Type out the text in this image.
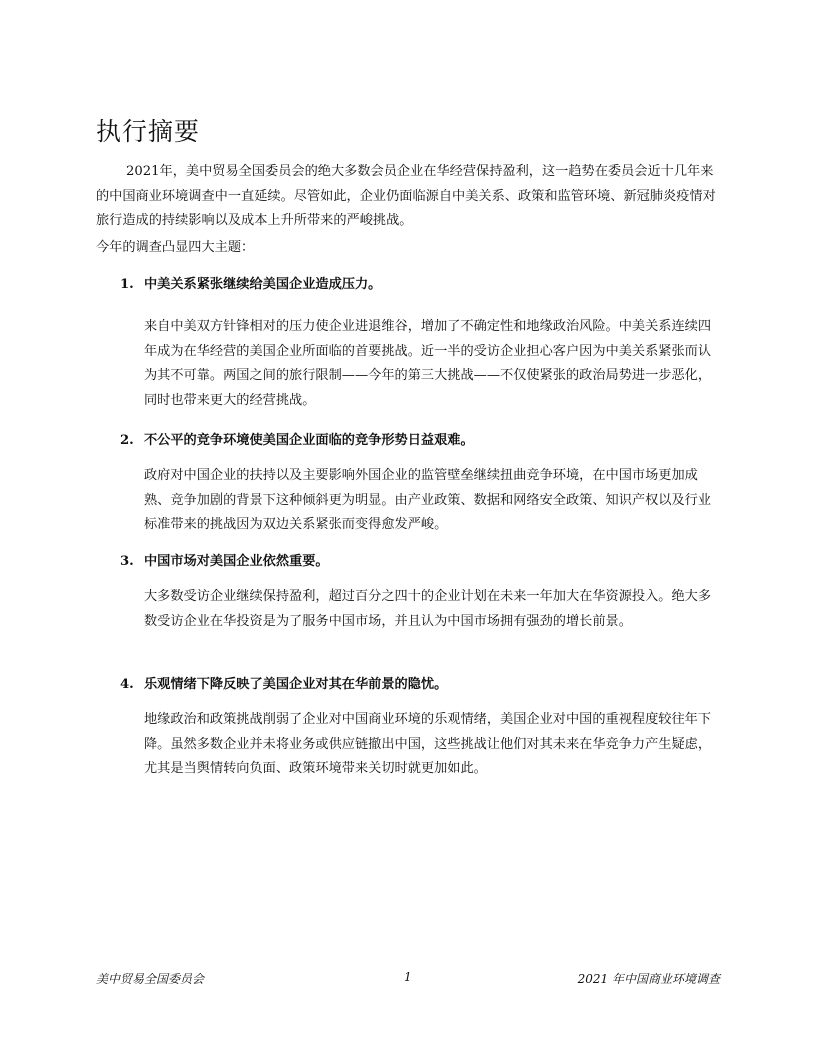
执行摘要

2021年，美中贸易全国委员会的绝大多数会员企业在华经营保持盈利，这一趋势在委员会近十几年来的中国商业环境调查中一直延续。尽管如此，企业仍面临源自中美关系、政策和监管环境、新冠肺炎疫情对旅行造成的持续影响以及成本上升所带来的严峻挑战。

今年的调查凸显四大主题：

1. 中美关系紧张继续给美国企业造成压力。

来自中美双方针锋相对的压力使企业进退维谷，增加了不确定性和地缘政治风险。中美关系连续四年成为在华经营的美国企业所面临的首要挑战。近一半的受访企业担心客户因为中美关系紧张而认为其不可靠。两国之间的旅行限制——今年的第三大挑战——不仅使紧张的政治局势进一步恶化，同时也带来更大的经营挑战。

2. 不公平的竞争环境使美国企业面临的竞争形势日益艰难。

政府对中国企业的扶持以及主要影响外国企业的监管壁垒继续扭曲竞争环境，在中国市场更加成熟、竞争加剧的背景下这种倾斜更为明显。由产业政策、数据和网络安全政策、知识产权以及行业标准带来的挑战因为双边关系紧张而变得愈发严峻。

3. 中国市场对美国企业依然重要。

大多数受访企业继续保持盈利，超过百分之四十的企业计划在未来一年加大在华资源投入。绝大多数受访企业在华投资是为了服务中国市场，并且认为中国市场拥有强劲的增长前景。

4. 乐观情绪下降反映了美国企业对其在华前景的隐忧。

地缘政治和政策挑战削弱了企业对中国商业环境的乐观情绪，美国企业对中国的重视程度较往年下降。虽然多数企业并未将业务或供应链撤出中国，这些挑战让他们对其未来在华竞争力产生疑虑，尤其是当舆情转向负面、政策环境带来关切时就更加如此。

美中贸易全国委员会	1	2021 年中国商业环境调查
